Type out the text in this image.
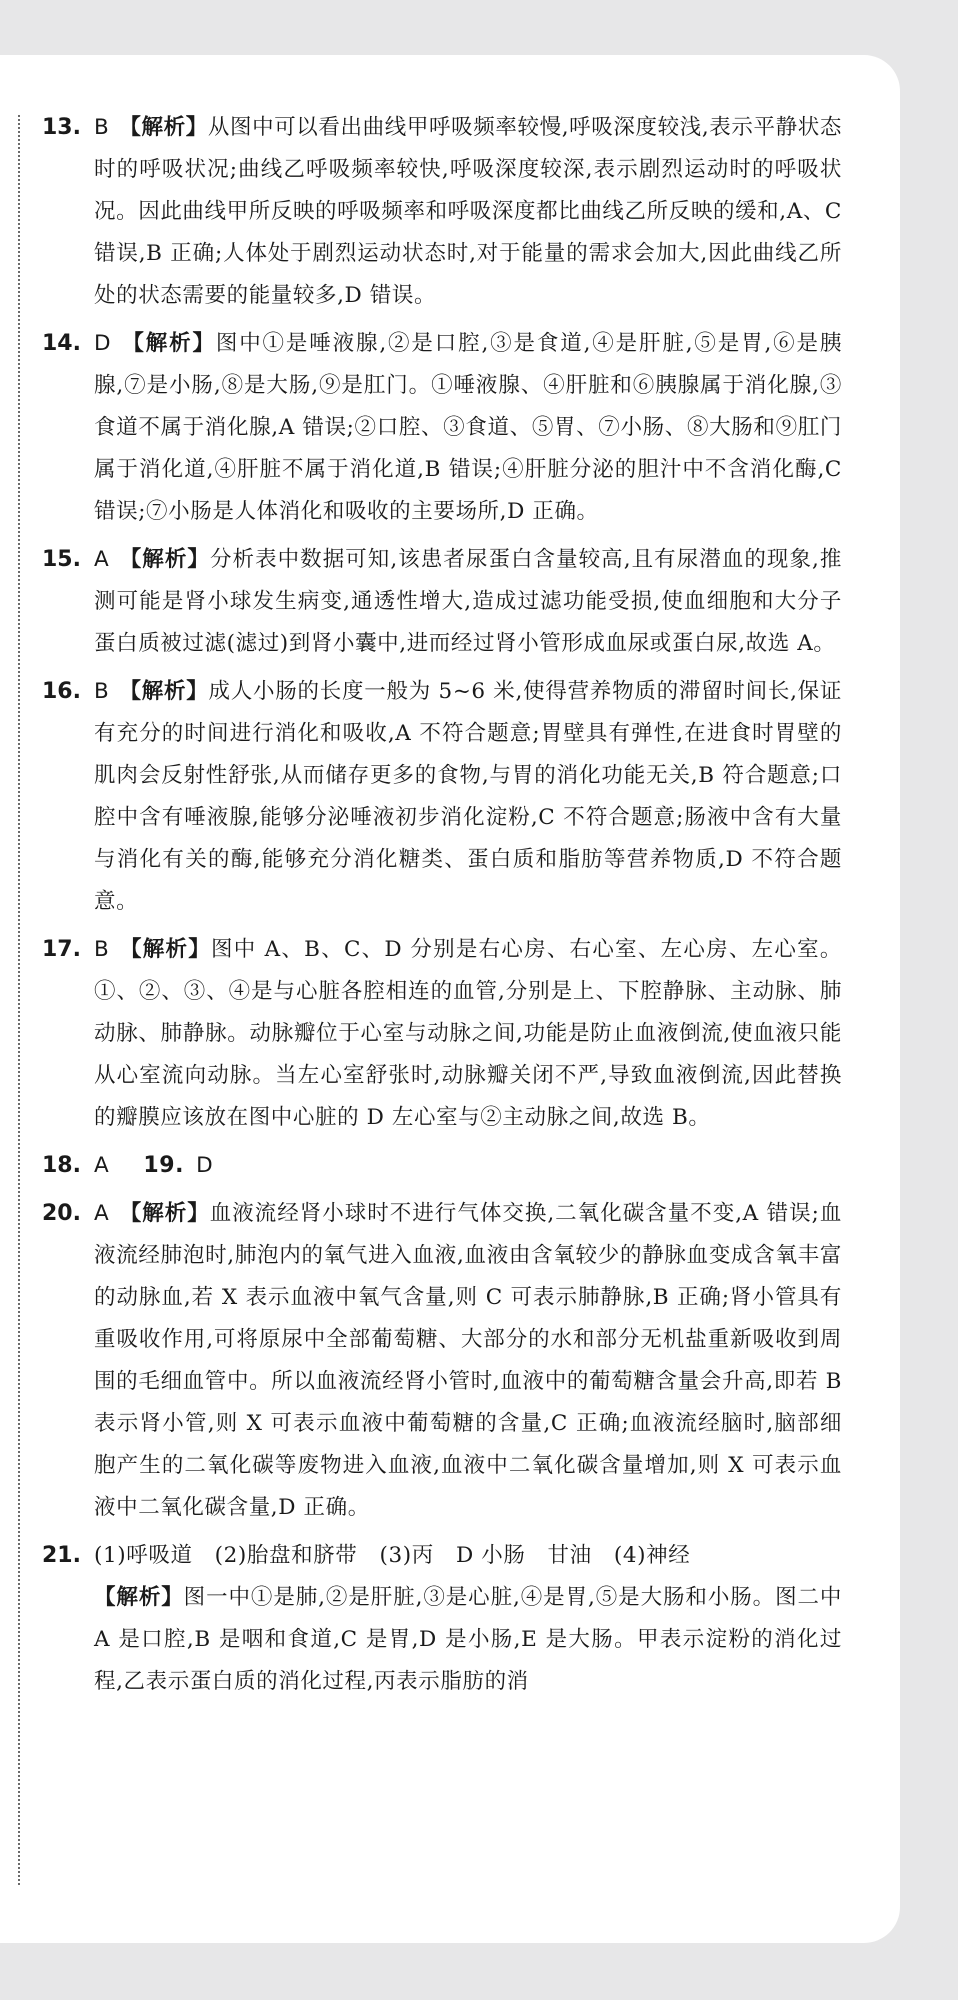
13. B 【解析】从图中可以看出曲线甲呼吸频率较慢,呼吸深度较浅,表示平静状态时的呼吸状况;曲线乙呼吸频率较快,呼吸深度较深,表示剧烈运动时的呼吸状况。因此曲线甲所反映的呼吸频率和呼吸深度都比曲线乙所反映的缓和,A、C 错误,B 正确;人体处于剧烈运动状态时,对于能量的需求会加大,因此曲线乙所处的状态需要的能量较多,D 错误。
14. D 【解析】图中①是唾液腺,②是口腔,③是食道,④是肝脏,⑤是胃,⑥是胰腺,⑦是小肠,⑧是大肠,⑨是肛门。①唾液腺、④肝脏和⑥胰腺属于消化腺,③食道不属于消化腺,A 错误;②口腔、③食道、⑤胃、⑦小肠、⑧大肠和⑨肛门属于消化道,④肝脏不属于消化道,B 错误;④肝脏分泌的胆汁中不含消化酶,C 错误;⑦小肠是人体消化和吸收的主要场所,D 正确。
15. A 【解析】分析表中数据可知,该患者尿蛋白含量较高,且有尿潜血的现象,推测可能是肾小球发生病变,通透性增大,造成过滤功能受损,使血细胞和大分子蛋白质被过滤(滤过)到肾小囊中,进而经过肾小管形成血尿或蛋白尿,故选 A。
16. B 【解析】成人小肠的长度一般为 5~6 米,使得营养物质的滞留时间长,保证有充分的时间进行消化和吸收,A 不符合题意;胃壁具有弹性,在进食时胃壁的肌肉会反射性舒张,从而储存更多的食物,与胃的消化功能无关,B 符合题意;口腔中含有唾液腺,能够分泌唾液初步消化淀粉,C 不符合题意;肠液中含有大量与消化有关的酶,能够充分消化糖类、蛋白质和脂肪等营养物质,D 不符合题意。
17. B 【解析】图中 A、B、C、D 分别是右心房、右心室、左心房、左心室。①、②、③、④是与心脏各腔相连的血管,分别是上、下腔静脉、主动脉、肺动脉、肺静脉。动脉瓣位于心室与动脉之间,功能是防止血液倒流,使血液只能从心室流向动脉。当左心室舒张时,动脉瓣关闭不严,导致血液倒流,因此替换的瓣膜应该放在图中心脏的 D 左心室与②主动脉之间,故选 B。
18. A 19. D
20. A 【解析】血液流经肾小球时不进行气体交换,二氧化碳含量不变,A 错误;血液流经肺泡时,肺泡内的氧气进入血液,血液由含氧较少的静脉血变成含氧丰富的动脉血,若 X 表示血液中氧气含量,则 C 可表示肺静脉,B 正确;肾小管具有重吸收作用,可将原尿中全部葡萄糖、大部分的水和部分无机盐重新吸收到周围的毛细血管中。所以血液流经肾小管时,血液中的葡萄糖含量会升高,即若 B 表示肾小管,则 X 可表示血液中葡萄糖的含量,C 正确;血液流经脑时,脑部细胞产生的二氧化碳等废物进入血液,血液中二氧化碳含量增加,则 X 可表示血液中二氧化碳含量,D 正确。
21. (1)呼吸道　(2)胎盘和脐带　(3)丙　D 小肠　甘油　(4)神经
【解析】图一中①是肺,②是肝脏,③是心脏,④是胃,⑤是大肠和小肠。图二中 A 是口腔,B 是咽和食道,C 是胃,D 是小肠,E 是大肠。甲表示淀粉的消化过程,乙表示蛋白质的消化过程,丙表示脂肪的消
